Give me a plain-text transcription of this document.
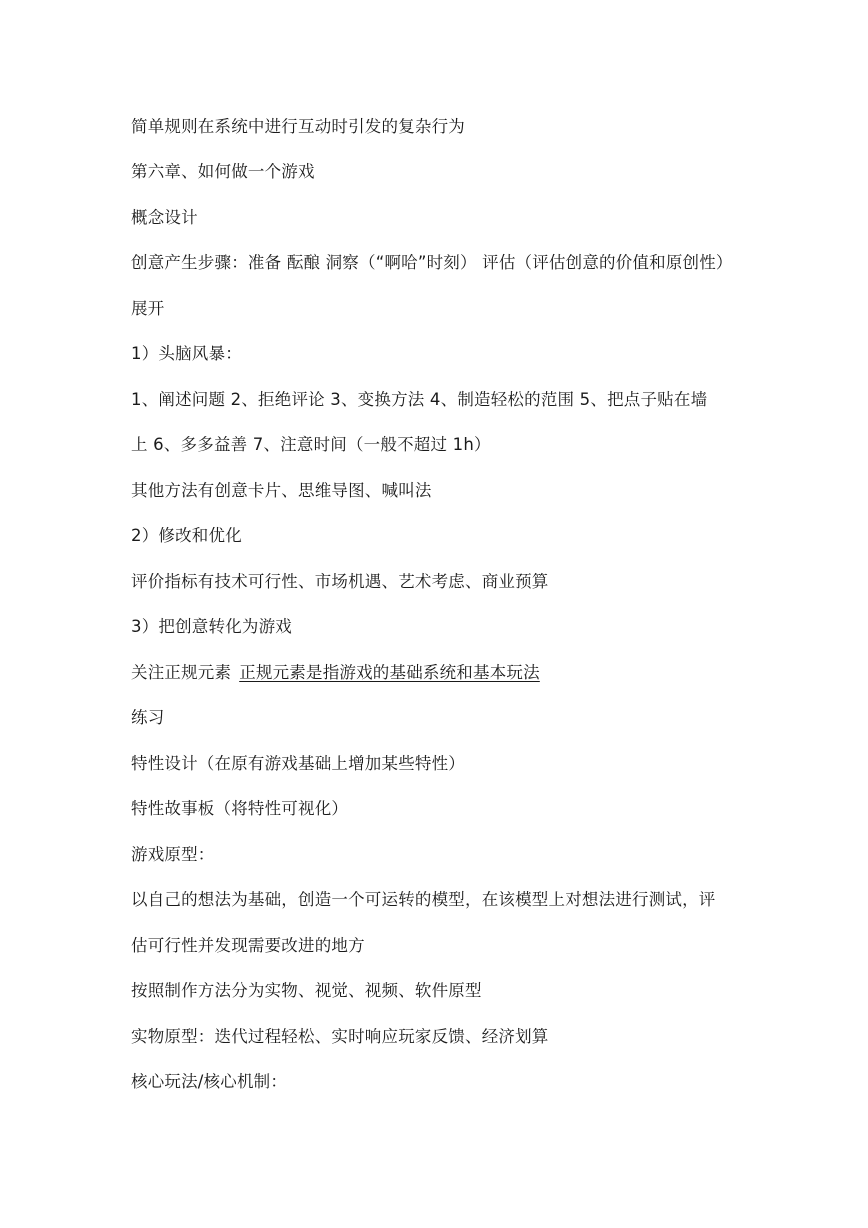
简单规则在系统中进行互动时引发的复杂行为
第六章、如何做一个游戏
概念设计
创意产生步骤：准备 酝酿 洞察（“啊哈”时刻） 评估（评估创意的价值和原创性）
展开
1）头脑风暴：
1、阐述问题 2、拒绝评论 3、变换方法 4、制造轻松的范围 5、把点子贴在墙
上 6、多多益善 7、注意时间（一般不超过 1h）
其他方法有创意卡片、思维导图、喊叫法
2）修改和优化
评价指标有技术可行性、市场机遇、艺术考虑、商业预算
3）把创意转化为游戏
关注正规元素 正规元素是指游戏的基础系统和基本玩法
练习
特性设计（在原有游戏基础上增加某些特性）
特性故事板（将特性可视化）
游戏原型：
以自己的想法为基础，创造一个可运转的模型，在该模型上对想法进行测试，评
估可行性并发现需要改进的地方
按照制作方法分为实物、视觉、视频、软件原型
实物原型：迭代过程轻松、实时响应玩家反馈、经济划算
核心玩法/核心机制：
